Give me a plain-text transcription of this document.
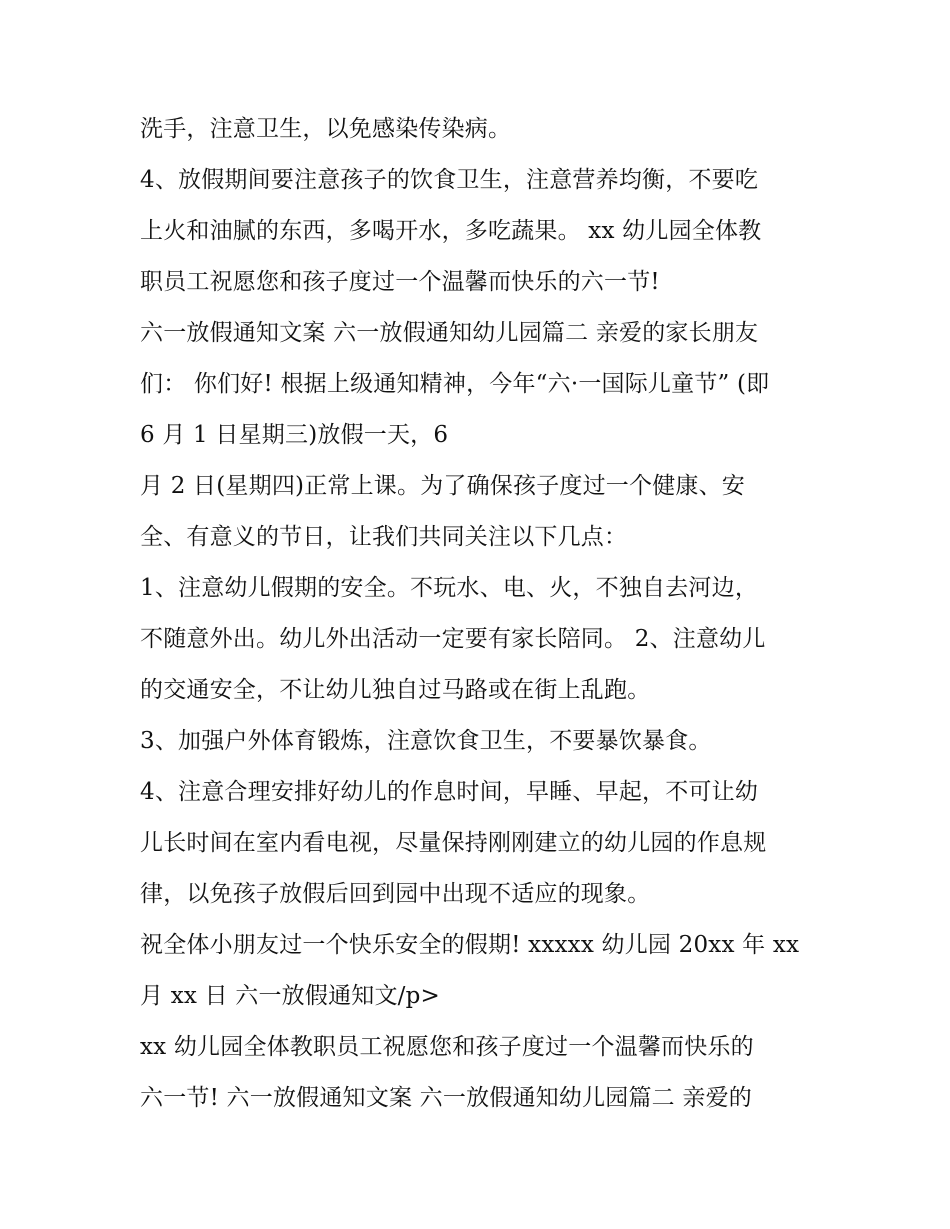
洗手，注意卫生，以免感染传染病。
4、放假期间要注意孩子的饮食卫生，注意营养均衡，不要吃
上火和油腻的东西，多喝开水，多吃蔬果。 xx 幼儿园全体教
职员工祝愿您和孩子度过一个温馨而快乐的六一节!
六一放假通知文案 六一放假通知幼儿园篇二 亲爱的家长朋友
们： 你们好! 根据上级通知精神，今年“六·一国际儿童节” (即
6 月 1 日星期三)放假一天，6
月 2 日(星期四)正常上课。为了确保孩子度过一个健康、安
全、有意义的节日，让我们共同关注以下几点：
1、注意幼儿假期的安全。不玩水、电、火，不独自去河边，
不随意外出。幼儿外出活动一定要有家长陪同。 2、注意幼儿
的交通安全，不让幼儿独自过马路或在街上乱跑。
3、加强户外体育锻炼，注意饮食卫生，不要暴饮暴食。
4、注意合理安排好幼儿的作息时间，早睡、早起，不可让幼
儿长时间在室内看电视，尽量保持刚刚建立的幼儿园的作息规
律，以免孩子放假后回到园中出现不适应的现象。
祝全体小朋友过一个快乐安全的假期! xxxxx 幼儿园 20xx 年 xx
月 xx 日 六一放假通知文/p>
xx 幼儿园全体教职员工祝愿您和孩子度过一个温馨而快乐的
六一节! 六一放假通知文案 六一放假通知幼儿园篇二 亲爱的
